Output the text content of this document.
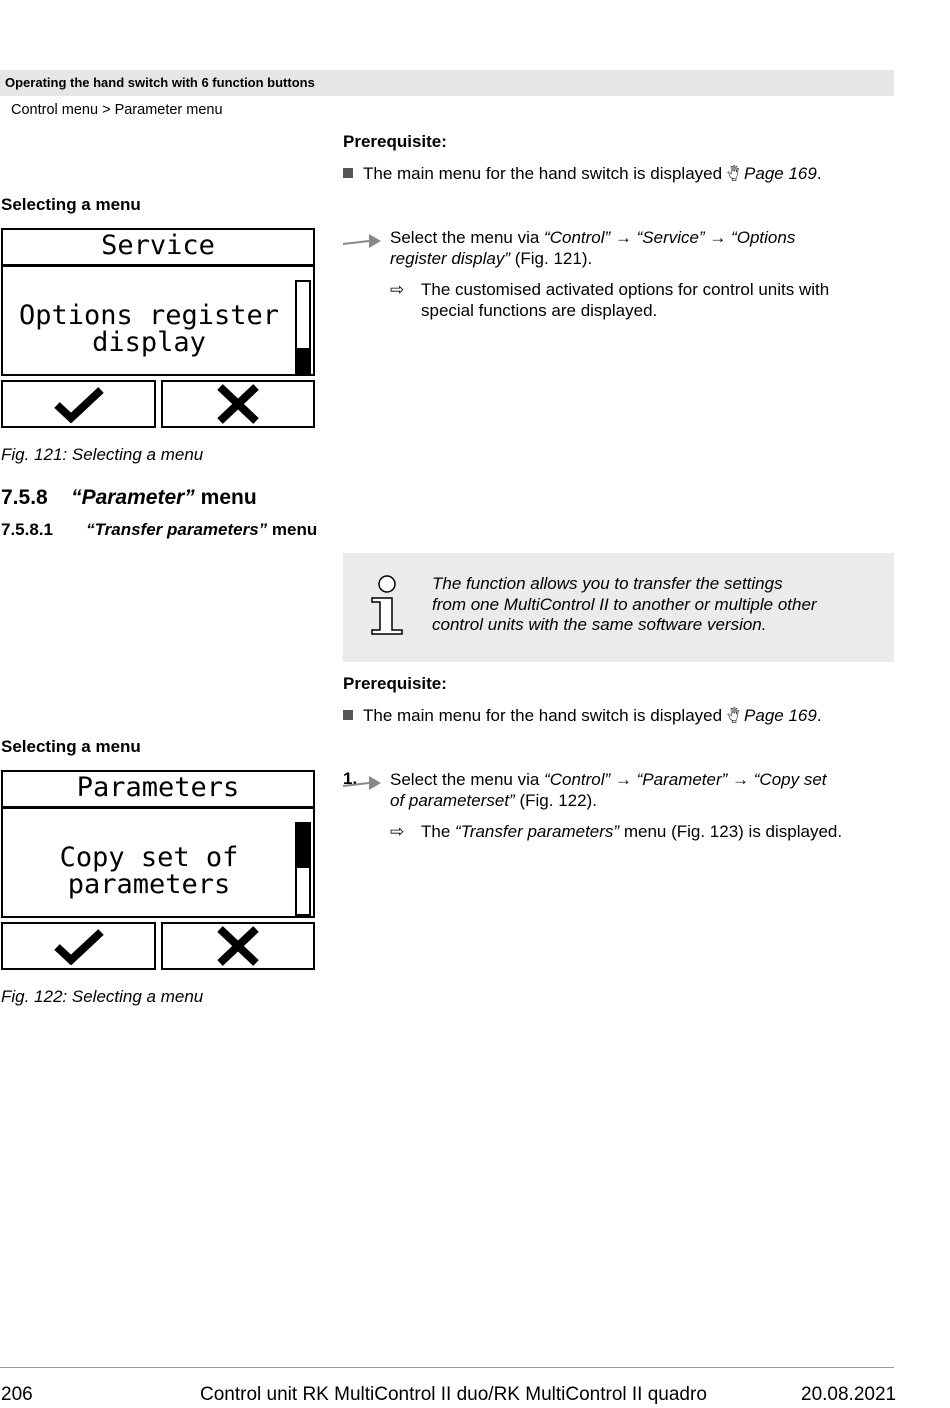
Operating the hand switch with 6 function buttons
Control menu > Parameter menu
Prerequisite:
The main menu for the hand switch is displayed 🖐︎ Page 169.
Selecting a menu
Select the menu via “Control” → “Service” → “Options
register display” (Fig. 121).
⇨ The customised activated options for control units with
special functions are displayed.
Service
Options register
display
Fig. 121: Selecting a menu
7.5.8 “Parameter” menu
7.5.8.1 “Transfer parameters” menu
The function allows you to transfer the settings
from one MultiControl II to another or multiple other
control units with the same software version.
Prerequisite:
The main menu for the hand switch is displayed 🖐︎ Page 169.
Selecting a menu
1. Select the menu via “Control” → “Parameter” → “Copy set
of parameterset” (Fig. 122).
⇨ The “Transfer parameters” menu (Fig. 123) is displayed.
Parameters
Copy set of
parameters
Fig. 122: Selecting a menu
206	Control unit RK MultiControl II duo/RK MultiControl II quadro	20.08.2021
